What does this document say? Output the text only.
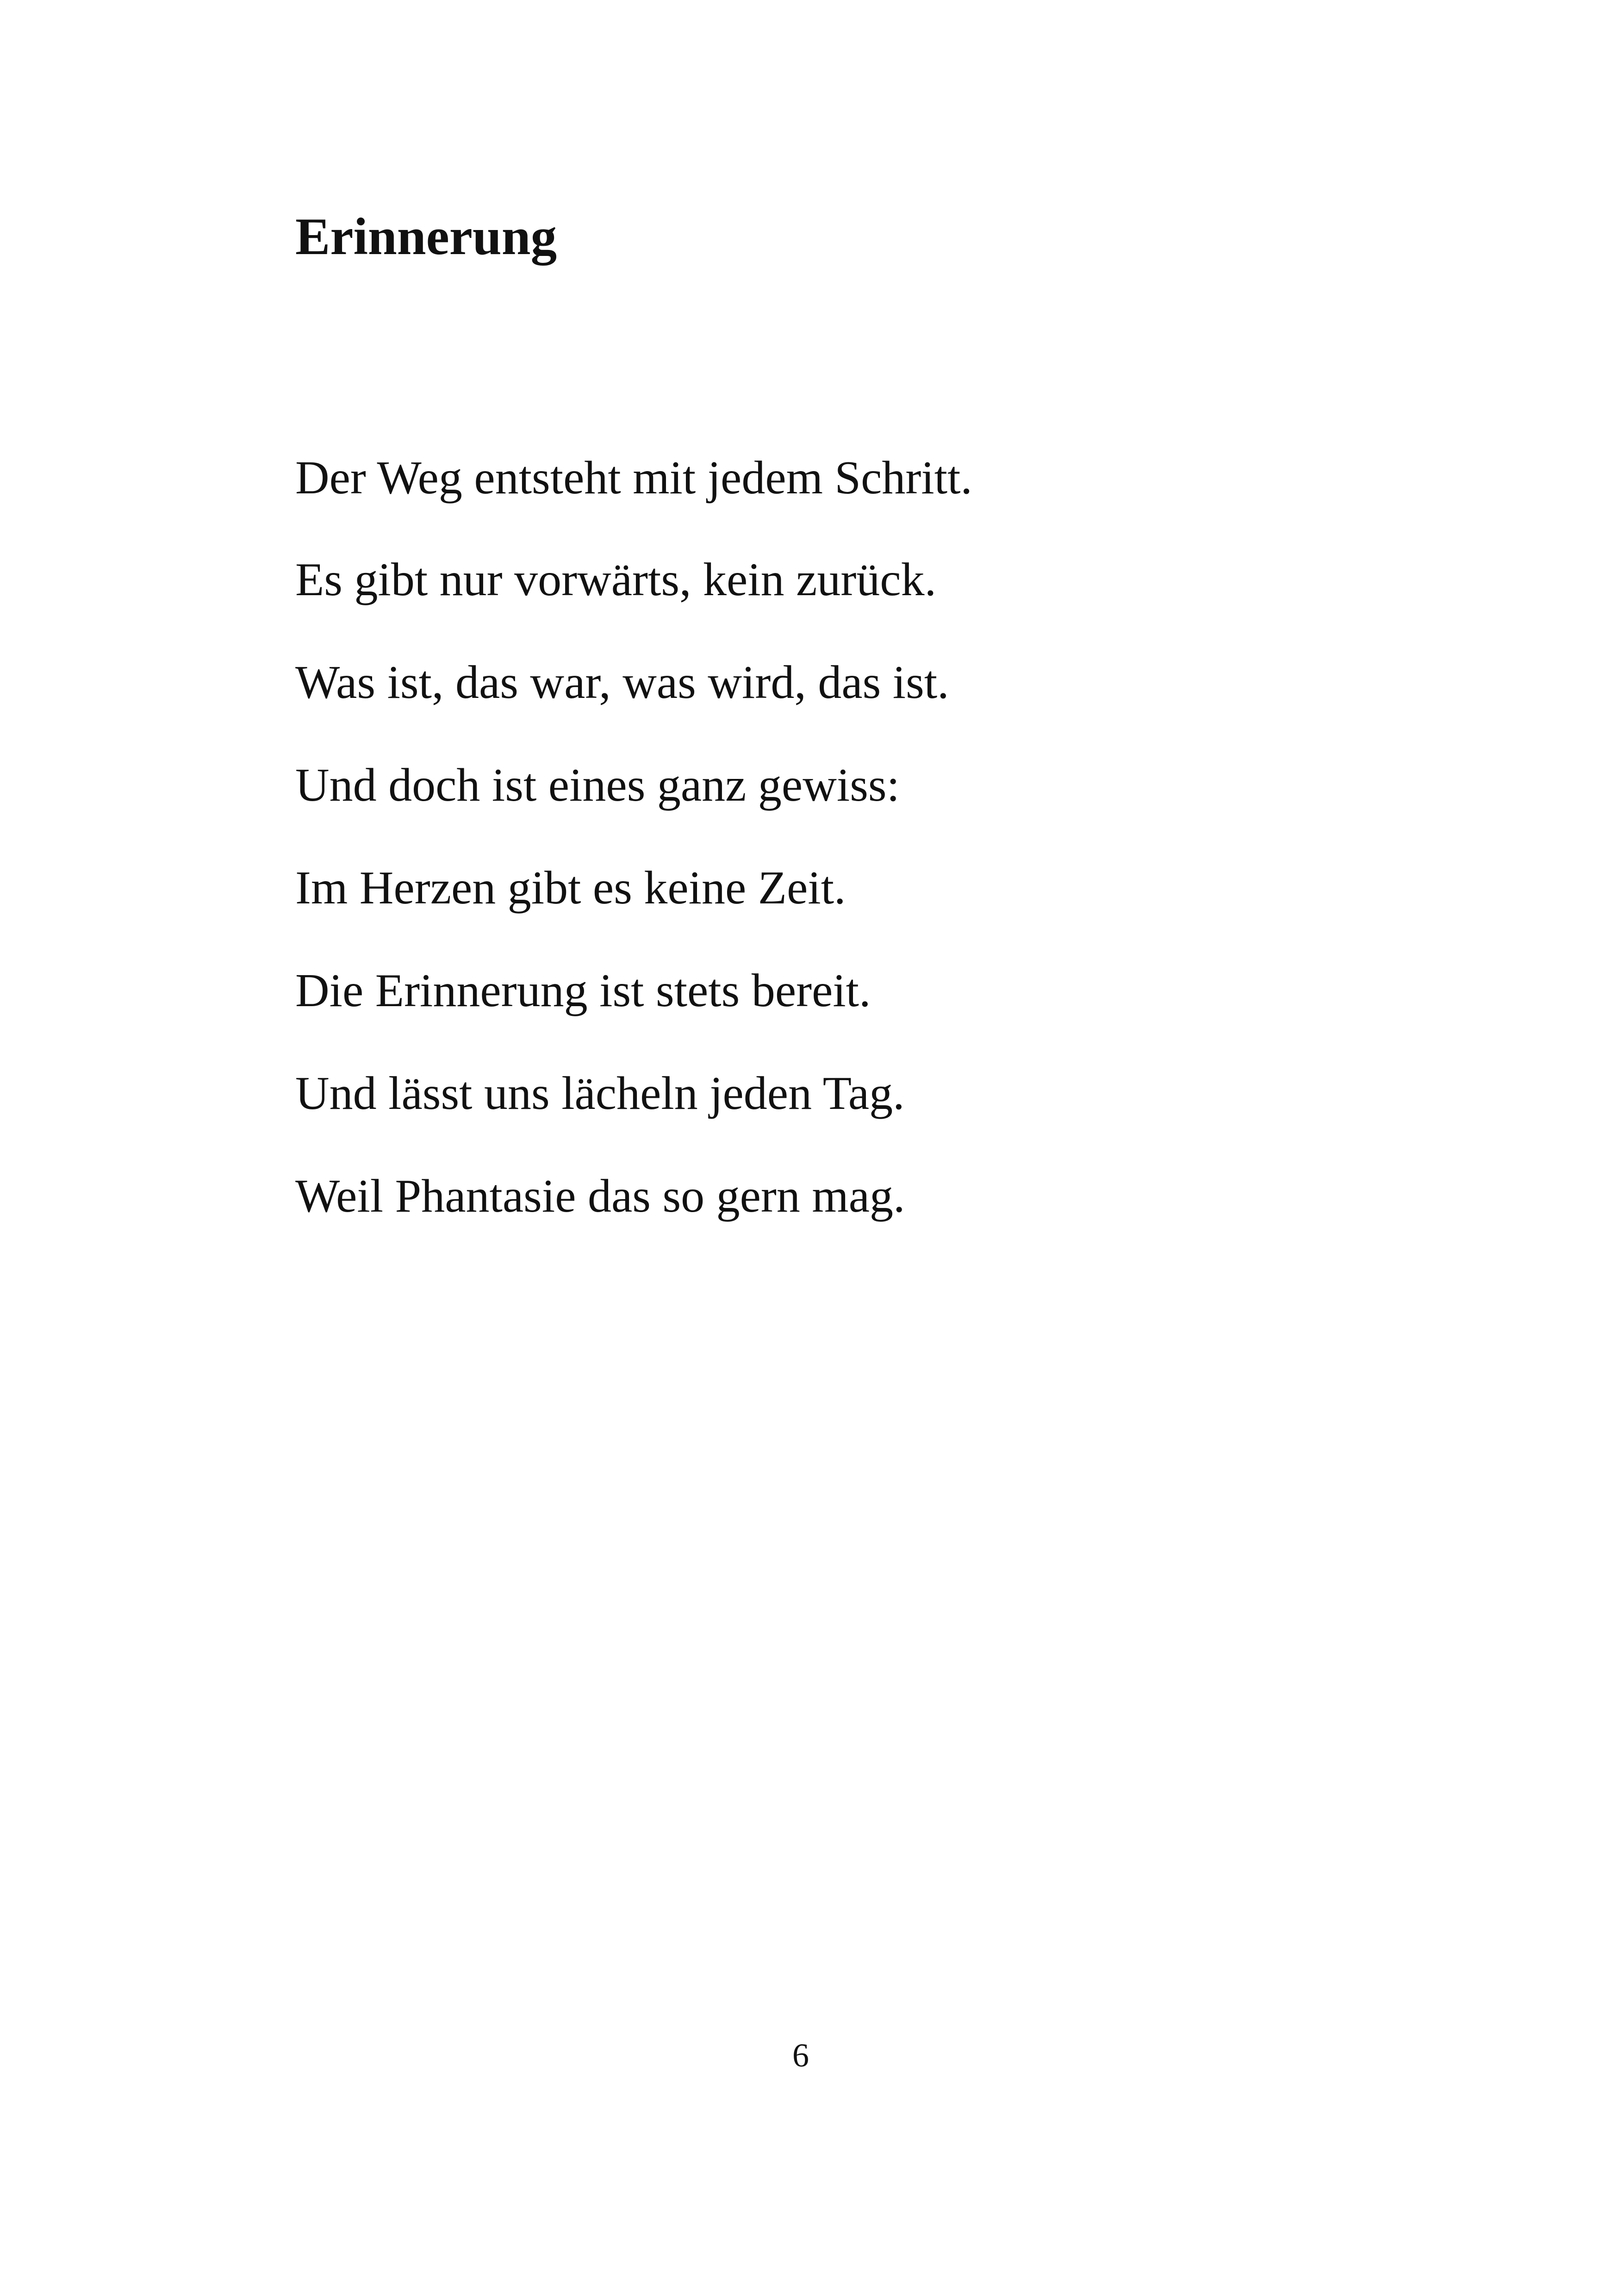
Erinnerung

Der Weg entsteht mit jedem Schritt.

Es gibt nur vorwärts, kein zurück.

Was ist, das war, was wird, das ist.

Und doch ist eines ganz gewiss:

Im Herzen gibt es keine Zeit.

Die Erinnerung ist stets bereit.

Und lässt uns lächeln jeden Tag.

Weil Phantasie das so gern mag.

6
